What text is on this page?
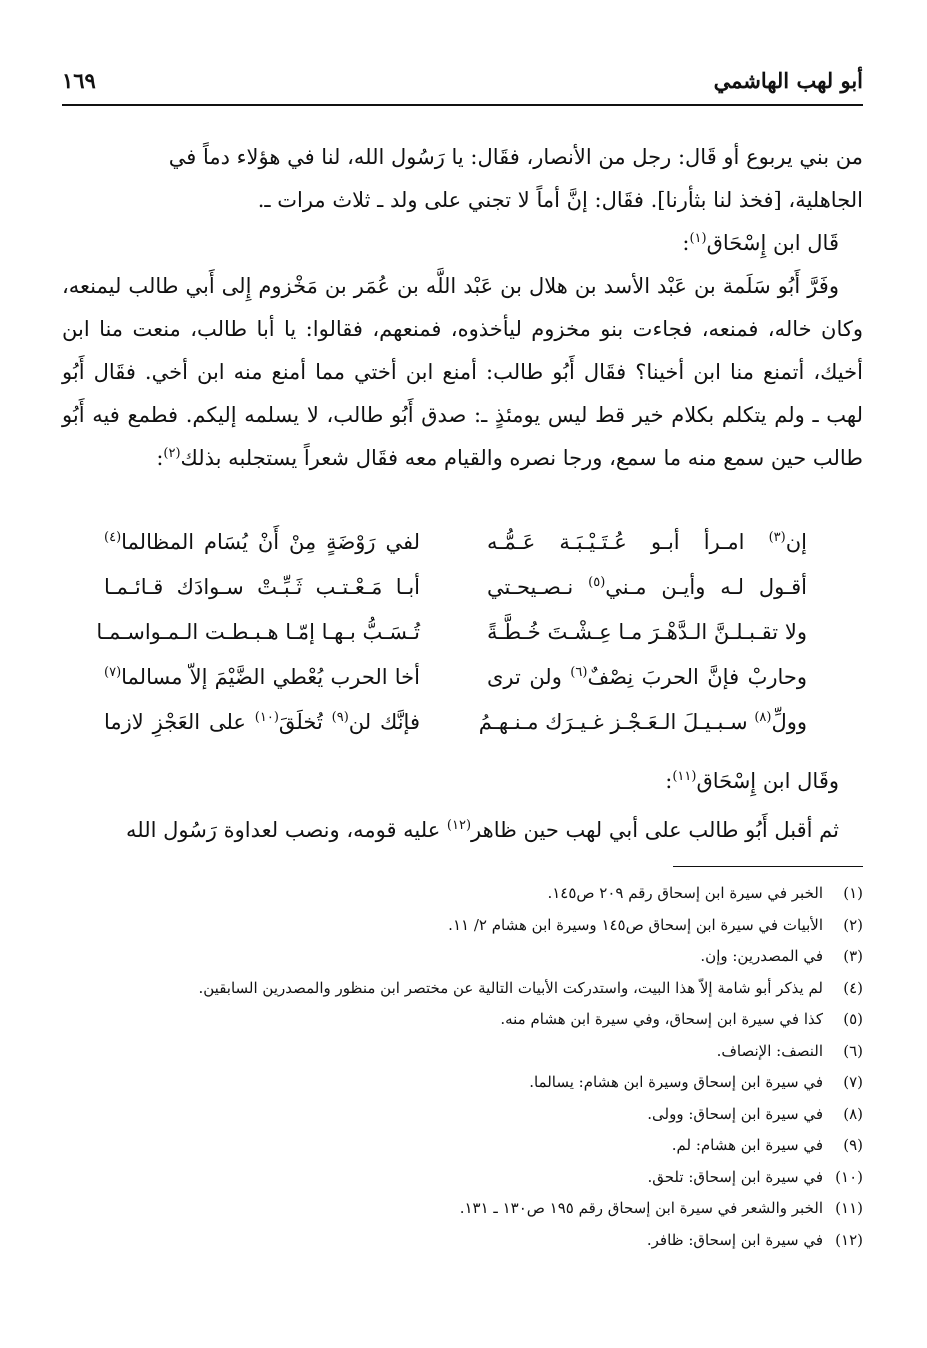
أبو لهب الهاشمي
١٦٩

من بني يربوع أو قَال: رجل من الأنصار، فقَال: يا رَسُول الله، لنا في هؤلاء دماً في

الجاهلية، [فخذ لنا بثأرنا]. فقَال: إنَّ أماً لا تجني على ولد ـ ثلاث مرات ـ.

قَال ابن إِسْحَاق$^{(١)}$:

وفَرَّ أَبُو سَلَمة بن عَبْد الأسد بن هلال بن عَبْد اللَّه بن عُمَر بن مَخْزوم إِلى أَبي طالب ليمنعه، وكان خاله، فمنعه، فجاءت بنو مخزوم ليأخذوه، فمنعهم، فقالوا: يا أبا طالب، منعت منا ابن أخيك، أتمنع منا ابن أخينا؟ فقَال أَبُو طالب: أمنع ابن أختي مما أمنع منه ابن أخي. فقَال أَبُو لهب ـ ولم يتكلم بكلام خير قط ليس يومئذٍ ـ: صدق أَبُو طالب، لا يسلمه إليكم. فطمع فيه أَبُو طالب حين سمع منه ما سمع، ورجا نصره والقيام معه فقَال شعراً يستجلبه بذلك$^{(٢)}$:

إن$^{(٣)}$ امـرأ أبـو عُـتَـيْـبَـة عَـمُّـه
لفي رَوْضَةٍ مِنْ أَنْ يُسَام المظالما$^{(٤)}$
أقـول لـه وأيـن مـني$^{(٥)}$ نـصـيحـتي
أبـا مَـعْـتـب ثَـبِّـتْ سـوادَك قـائـمـا
ولا تقـبـلـنَّ الـدَّهْـرَ مـا عِـشْـتَ خُـطَّـةً
تُـسَـبُّ بـهـا إمّـا هـبـطـت الـمـواسـمـا
وحاربْ فإنَّ الحربَ نِصْفٌ$^{(٦)}$ ولن ترى
أخا الحرب يُعْطي الضَّيْمَ إلاّ مسالما$^{(٧)}$
وولِّ$^{(٨)}$ سـبـيـلَ الـعَـجْـز غـيـرَك مـنـهـمُ
فإنَّك لن$^{(٩)}$ تُخلَقَ$^{(١٠)}$ على العَجْزِ لازما

وقَال ابن إِسْحَاق$^{(١١)}$:

ثم أقبل أَبُو طالب على أبي لهب حين ظاهر$^{(١٢)}$ عليه قومه، ونصب لعداوة رَسُول الله

(١)الخبر في سيرة ابن إسحاق رقم ٢٠٩ ص١٤٥.

(٢)الأبيات في سيرة ابن إسحاق ص١٤٥ وسيرة ابن هشام ٢/ ١١.

(٣)في المصدرين: وإن.

(٤)لم يذكر أبو شامة إلاّ هذا البيت، واستدركت الأبيات التالية عن مختصر ابن منظور والمصدرين السابقين.

(٥)كذا في سيرة ابن إسحاق، وفي سيرة ابن هشام منه.

(٦)النصف: الإنصاف.

(٧)في سيرة ابن إسحاق وسيرة ابن هشام: يسالما.

(٨)في سيرة ابن إسحاق: وولى.

(٩)في سيرة ابن هشام: لم.

(١٠)في سيرة ابن إسحاق: تلحق.

(١١)الخبر والشعر في سيرة ابن إسحاق رقم ١٩٥ ص١٣٠ ـ ١٣١.

(١٢)في سيرة ابن إسحاق: ظافر.
